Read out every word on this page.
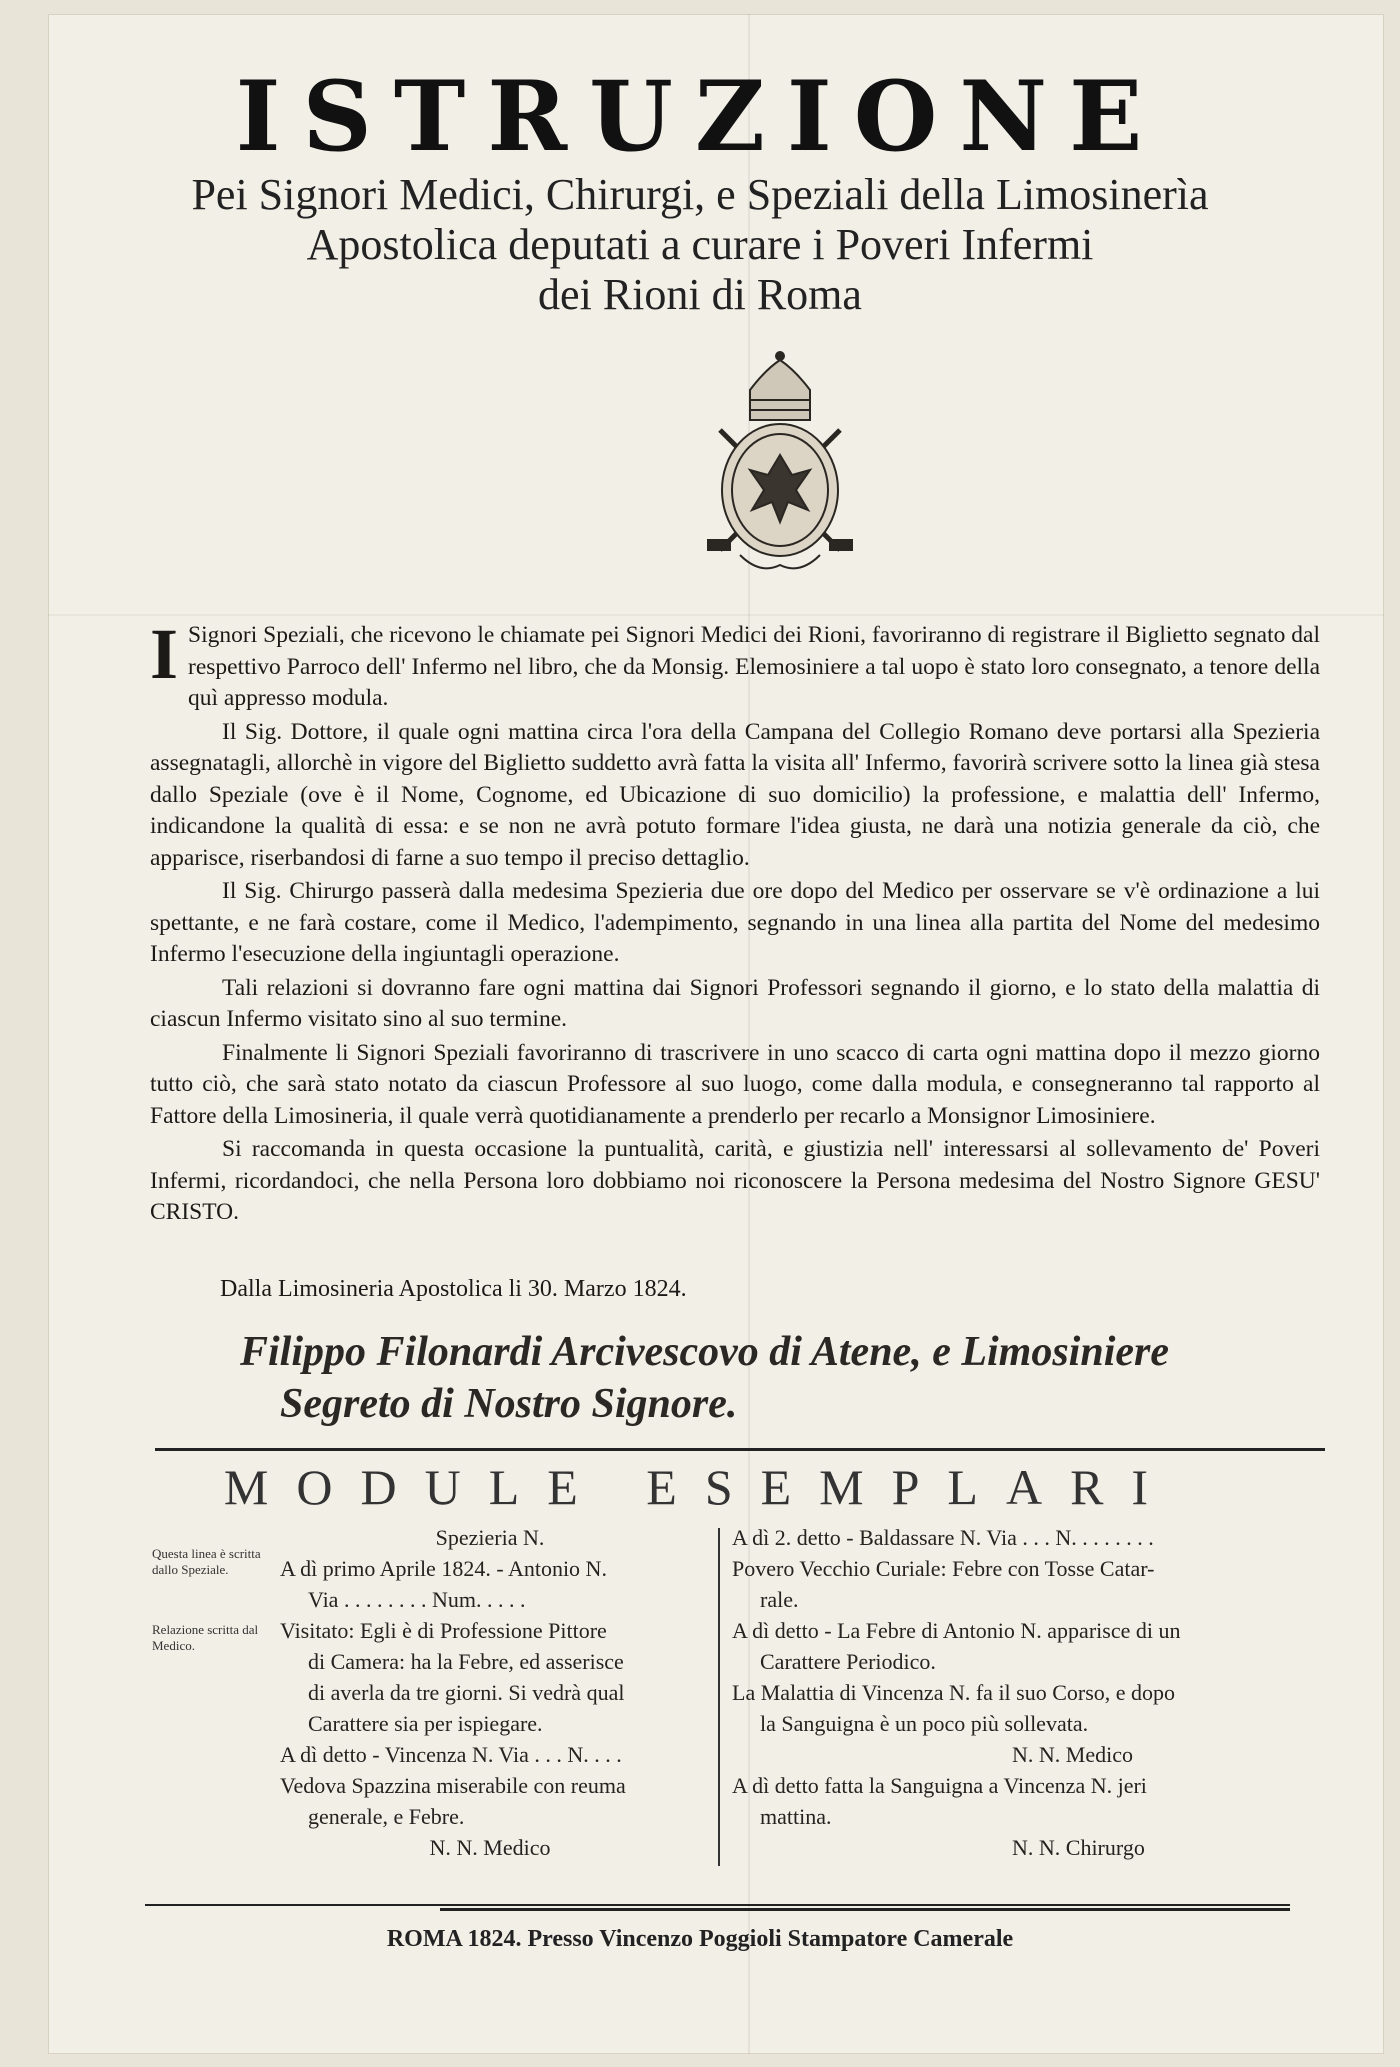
ISTRUZIONE
Pei Signori Medici, Chirurgi, e Speziali della Limosinerìa
Apostolica deputati a curare i Poveri Infermi
dei Rioni di Roma

I Signori Speziali, che ricevono le chiamate pei Signori Medici dei Rioni, favoriranno di registrare il Biglietto segnato dal respettivo Parroco dell' Infermo nel libro, che da Monsig. Elemosiniere a tal uopo è stato loro consegnato, a tenore della quì appresso modula.

Il Sig. Dottore, il quale ogni mattina circa l'ora della Campana del Collegio Romano deve portarsi alla Spezieria assegnatagli, allorchè in vigore del Biglietto suddetto avrà fatta la visita all' Infermo, favorirà scrivere sotto la linea già stesa dallo Speziale (ove è il Nome, Cognome, ed Ubicazione di suo domicilio) la professione, e malattia dell' Infermo, indicandone la qualità di essa: e se non ne avrà potuto formare l'idea giusta, ne darà una notizia generale da ciò, che apparisce, riserbandosi di farne a suo tempo il preciso dettaglio.

Il Sig. Chirurgo passerà dalla medesima Spezieria due ore dopo del Medico per osservare se v'è ordinazione a lui spettante, e ne farà costare, come il Medico, l'adempimento, segnando in una linea alla partita del Nome del medesimo Infermo l'esecuzione della ingiuntagli operazione.

Tali relazioni si dovranno fare ogni mattina dai Signori Professori segnando il giorno, e lo stato della malattia di ciascun Infermo visitato sino al suo termine.

Finalmente li Signori Speziali favoriranno di trascrivere in uno scacco di carta ogni mattina dopo il mezzo giorno tutto ciò, che sarà stato notato da ciascun Professore al suo luogo, come dalla modula, e consegneranno tal rapporto al Fattore della Limosineria, il quale verrà quotidianamente a prenderlo per recarlo a Monsignor Limosiniere.

Si raccomanda in questa occasione la puntualità, carità, e giustizia nell' interessarsi al sollevamento de' Poveri Infermi, ricordandoci, che nella Persona loro dobbiamo noi riconoscere la Persona medesima del Nostro Signore GESU' CRISTO.

Dalla Limosineria Apostolica li 30. Marzo 1824.
Filippo Filonardi Arcivescovo di Atene, e Limosiniere
Segreto di Nostro Signore.
MODULE ESEMPLARI
Questa linea è scritta dallo Speziale.
Relazione scritta dal Medico.
Spezieria N.
A dì primo Aprile 1824. - Antonio N.
Via . . . . . . . . Num. . . . .
Visitato: Egli è di Professione Pittore
di Camera: ha la Febre, ed asserisce
di averla da tre giorni. Si vedrà qual
Carattere sia per ispiegare.
A dì detto - Vincenza N. Via . . . N. . . .
Vedova Spazzina miserabile con reuma
generale, e Febre.
N. N. Medico
A dì 2. detto - Baldassare N. Via . . . N. . . . . . . .
Povero Vecchio Curiale: Febre con Tosse Catar-
rale.
A dì detto - La Febre di Antonio N. apparisce di un
Carattere Periodico.
La Malattia di Vincenza N. fa il suo Corso, e dopo
la Sanguigna è un poco più sollevata.
N. N. Medico
A dì detto fatta la Sanguigna a Vincenza N. jeri
mattina.
N. N. Chirurgo
ROMA 1824. Presso Vincenzo Poggioli Stampatore Camerale
